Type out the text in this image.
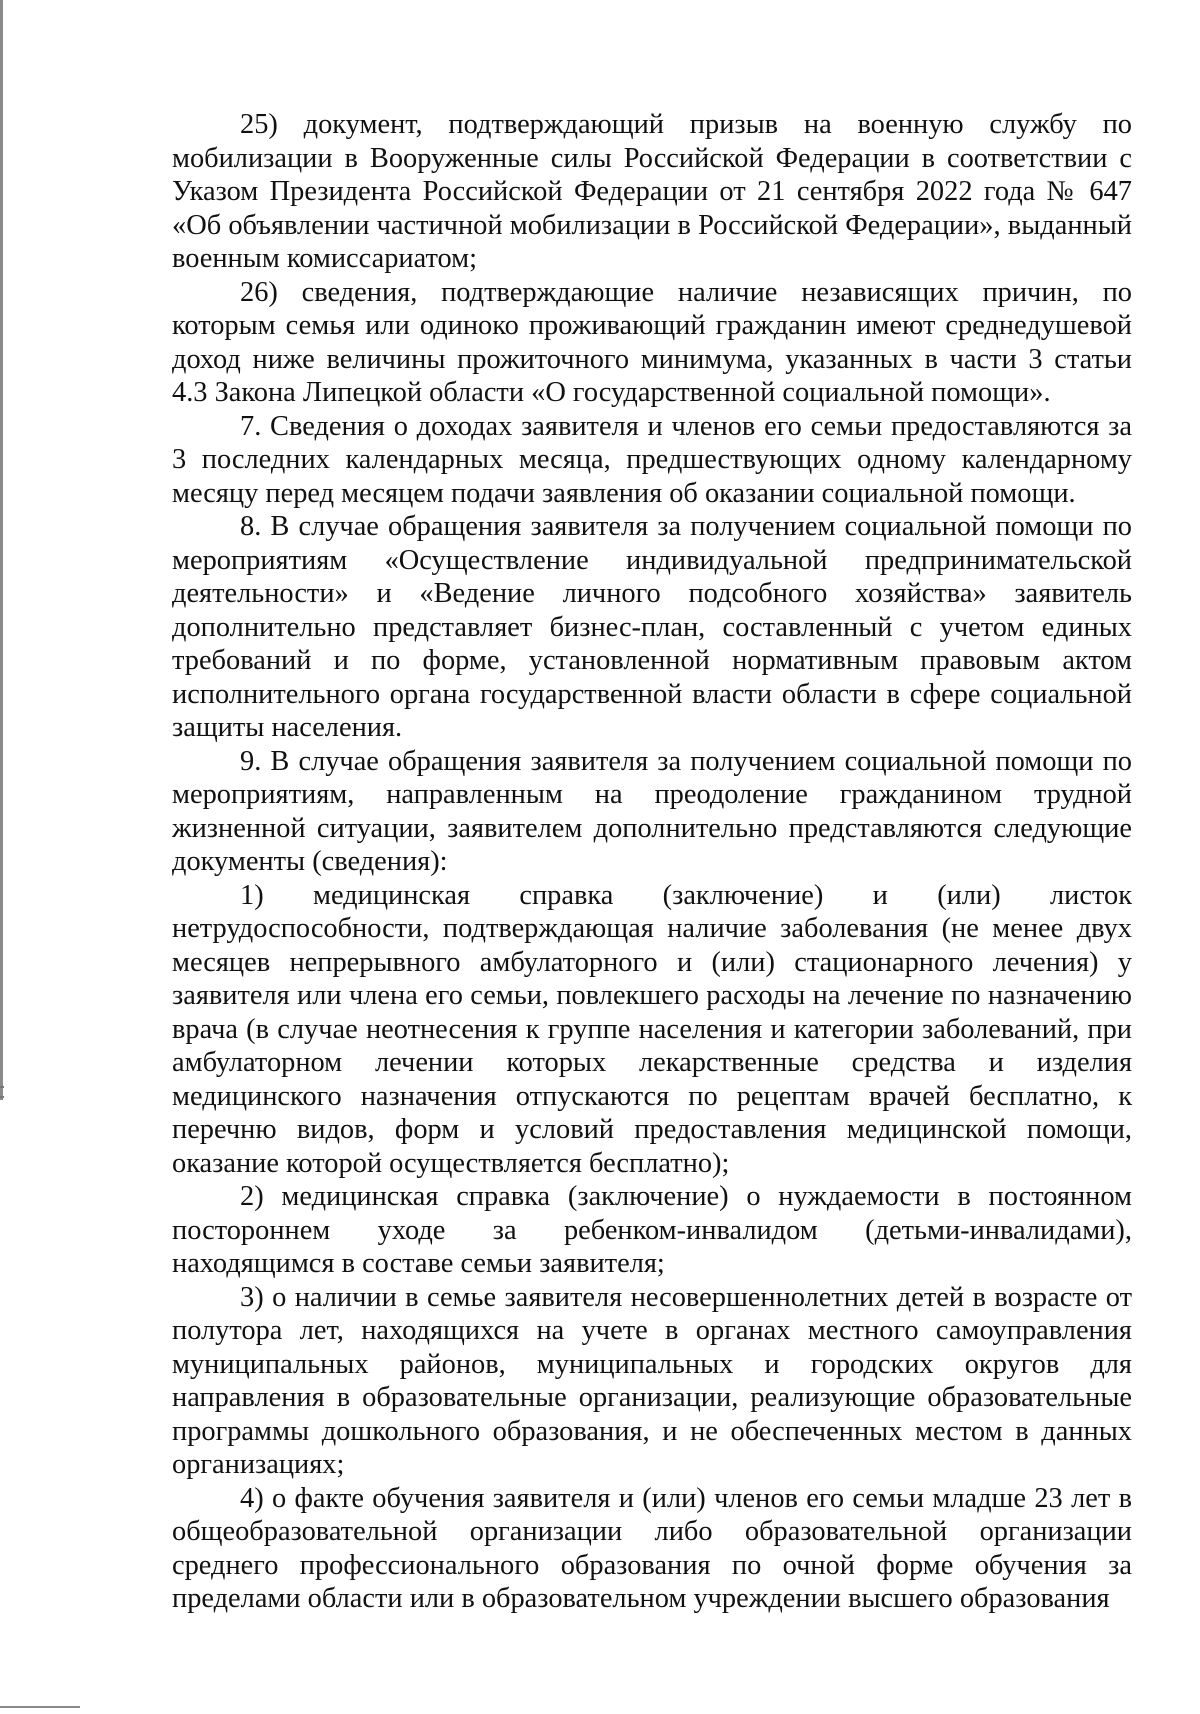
25) документ, подтверждающий призыв на военную службу по мобилизации в Вооруженные силы Российской Федерации в соответствии с Указом Президента Российской Федерации от 21 сентября 2022 года № 647 «Об объявлении частичной мобилизации в Российской Федерации», выданный военным комиссариатом;

26) сведения, подтверждающие наличие независящих причин, по которым семья или одиноко проживающий гражданин имеют среднедушевой доход ниже величины прожиточного минимума, указанных в части 3 статьи 4.3 Закона Липецкой области «О государственной социальной помощи».

7. Сведения о доходах заявителя и членов его семьи предоставляются за 3 последних календарных месяца, предшествующих одному календарному месяцу перед месяцем подачи заявления об оказании социальной помощи.

8. В случае обращения заявителя за получением социальной помощи по мероприятиям «Осуществление индивидуальной предпринимательской деятельности» и «Ведение личного подсобного хозяйства» заявитель дополнительно представляет бизнес-план, составленный с учетом единых требований и по форме, установленной нормативным правовым актом исполнительного органа государственной власти области в сфере социальной защиты населения.

9. В случае обращения заявителя за получением социальной помощи по мероприятиям, направленным на преодоление гражданином трудной жизненной ситуации, заявителем дополнительно представляются следующие документы (сведения):

1) медицинская справка (заключение) и (или) листок нетрудоспособности, подтверждающая наличие заболевания (не менее двух месяцев непрерывного амбулаторного и (или) стационарного лечения) у заявителя или члена его семьи, повлекшего расходы на лечение по назначению врача (в случае неотнесения к группе населения и категории заболеваний, при амбулаторном лечении которых лекарственные средства и изделия медицинского назначения отпускаются по рецептам врачей бесплатно, к перечню видов, форм и условий предоставления медицинской помощи, оказание которой осуществляется бесплатно);

2) медицинская справка (заключение) о нуждаемости в постоянном постороннем уходе за ребенком-инвалидом (детьми-инвалидами), находящимся в составе семьи заявителя;

3) о наличии в семье заявителя несовершеннолетних детей в возрасте от полутора лет, находящихся на учете в органах местного самоуправления муниципальных районов, муниципальных и городских округов для направления в образовательные организации, реализующие образовательные программы дошкольного образования, и не обеспеченных местом в данных организациях;

4) о факте обучения заявителя и (или) членов его семьи младше 23 лет в общеобразовательной организации либо образовательной организации среднего профессионального образования по очной форме обучения за пределами области или в образовательном учреждении высшего образования
